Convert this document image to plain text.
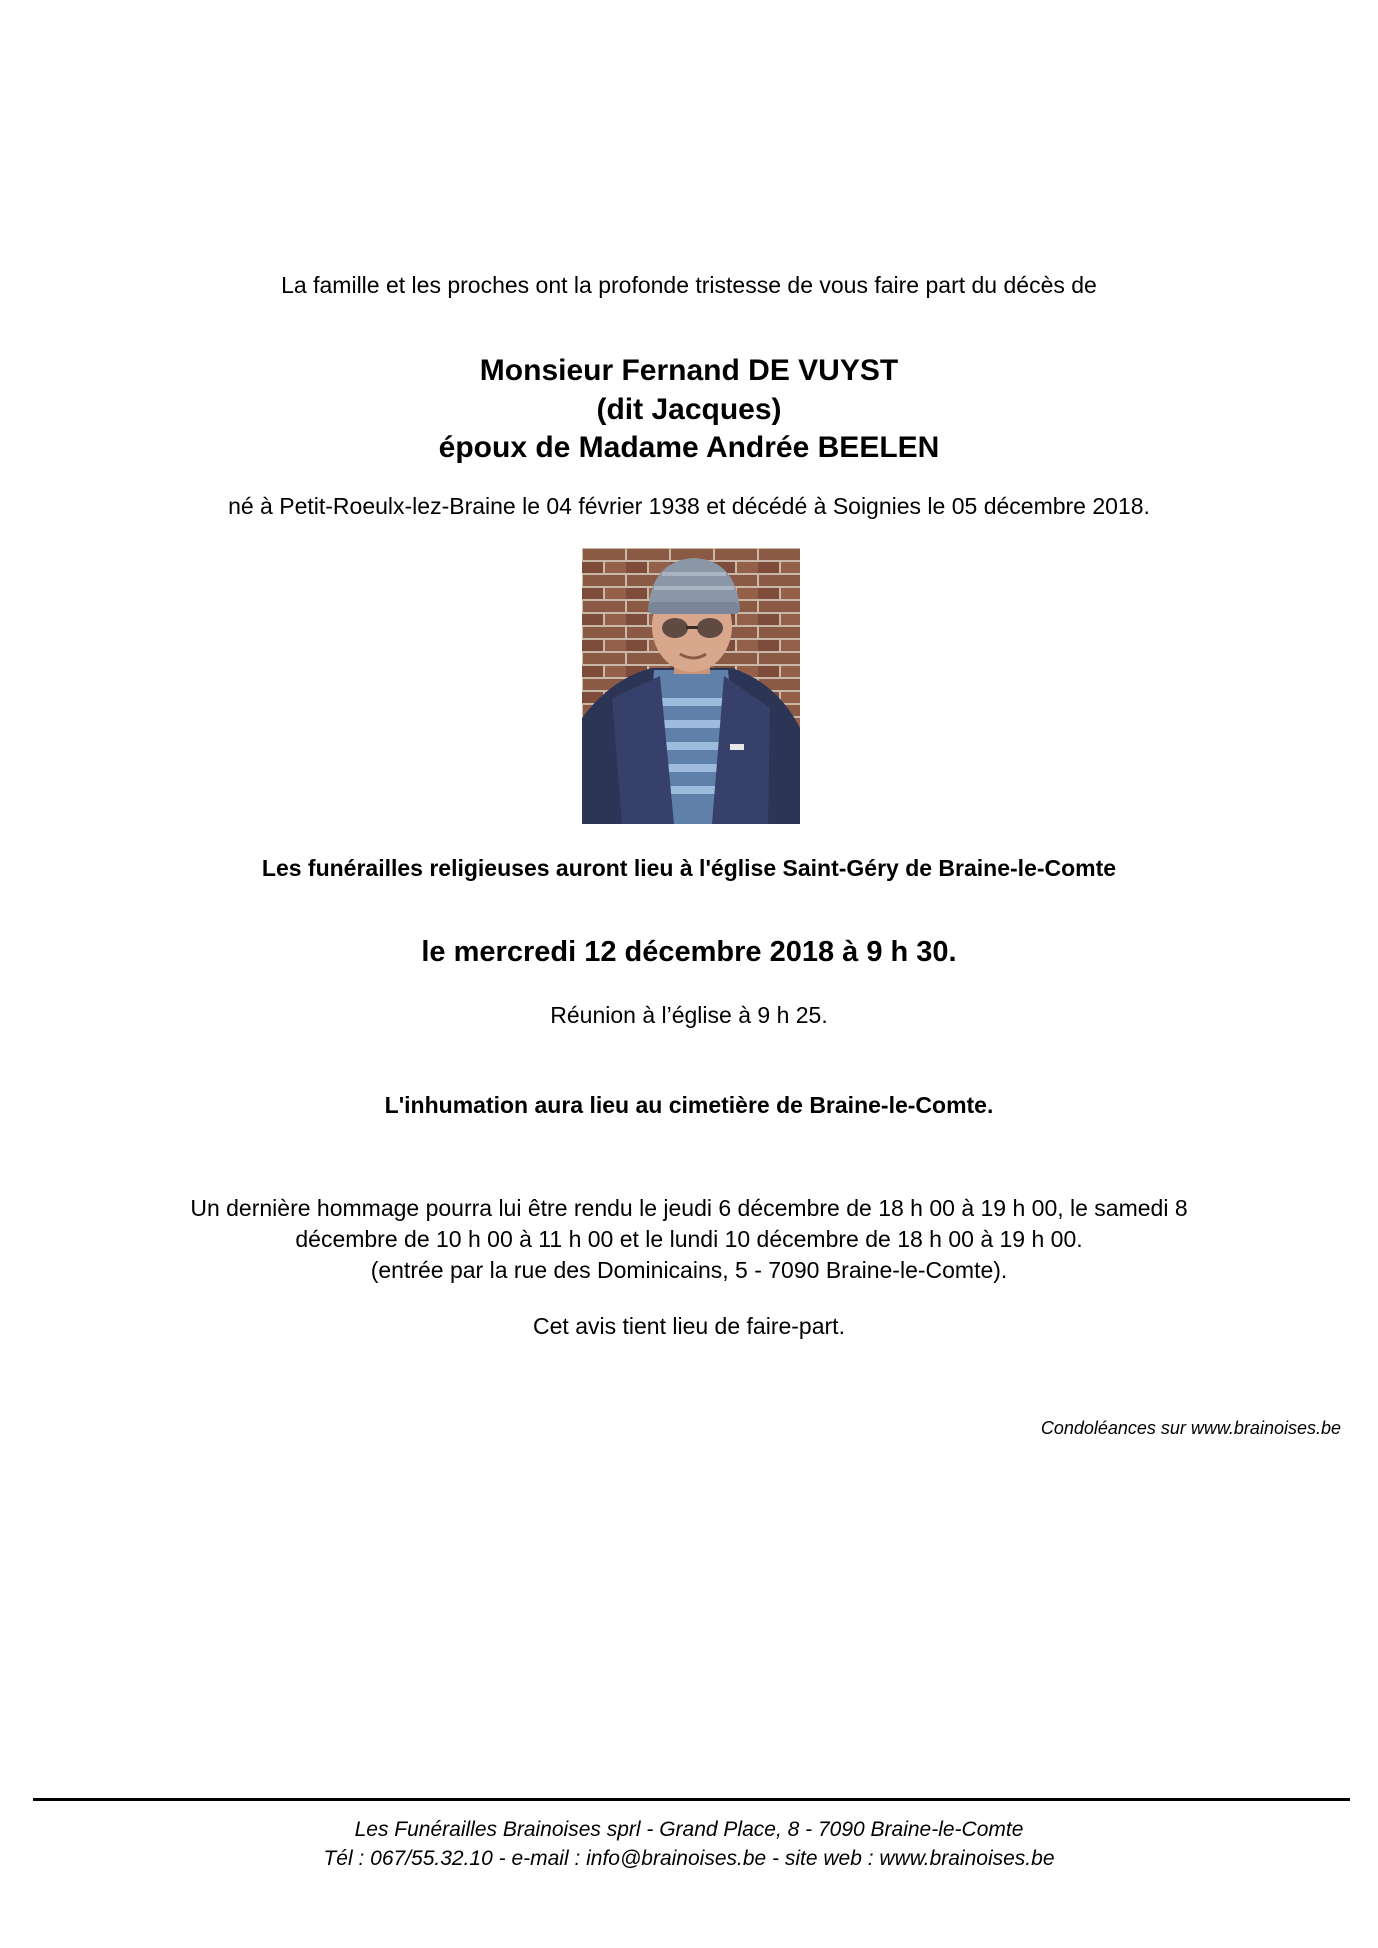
La famille et les proches ont la profonde tristesse de vous faire part du décès de
Monsieur Fernand DE VUYST
(dit Jacques)
époux de Madame Andrée BEELEN
né à Petit-Roeulx-lez-Braine le 04 février 1938 et décédé à Soignies le 05 décembre 2018.
Les funérailles religieuses auront lieu à l'église Saint-Géry de Braine-le-Comte
le mercredi 12 décembre 2018 à 9 h 30.
Réunion à l’église à 9 h 25.
L'inhumation aura lieu au cimetière de Braine-le-Comte.
Un dernière hommage pourra lui être rendu le jeudi 6 décembre de 18 h 00 à 19 h 00, le samedi 8
décembre de 10 h 00 à 11 h 00 et le lundi 10 décembre de 18 h 00 à 19 h 00.
(entrée par la rue des Dominicains, 5 - 7090 Braine-le-Comte).
Cet avis tient lieu de faire-part.
Condoléances sur www.brainoises.be
Les Funérailles Brainoises sprl - Grand Place, 8 - 7090 Braine-le-Comte
Tél : 067/55.32.10 - e-mail : info@brainoises.be - site web : www.brainoises.be
